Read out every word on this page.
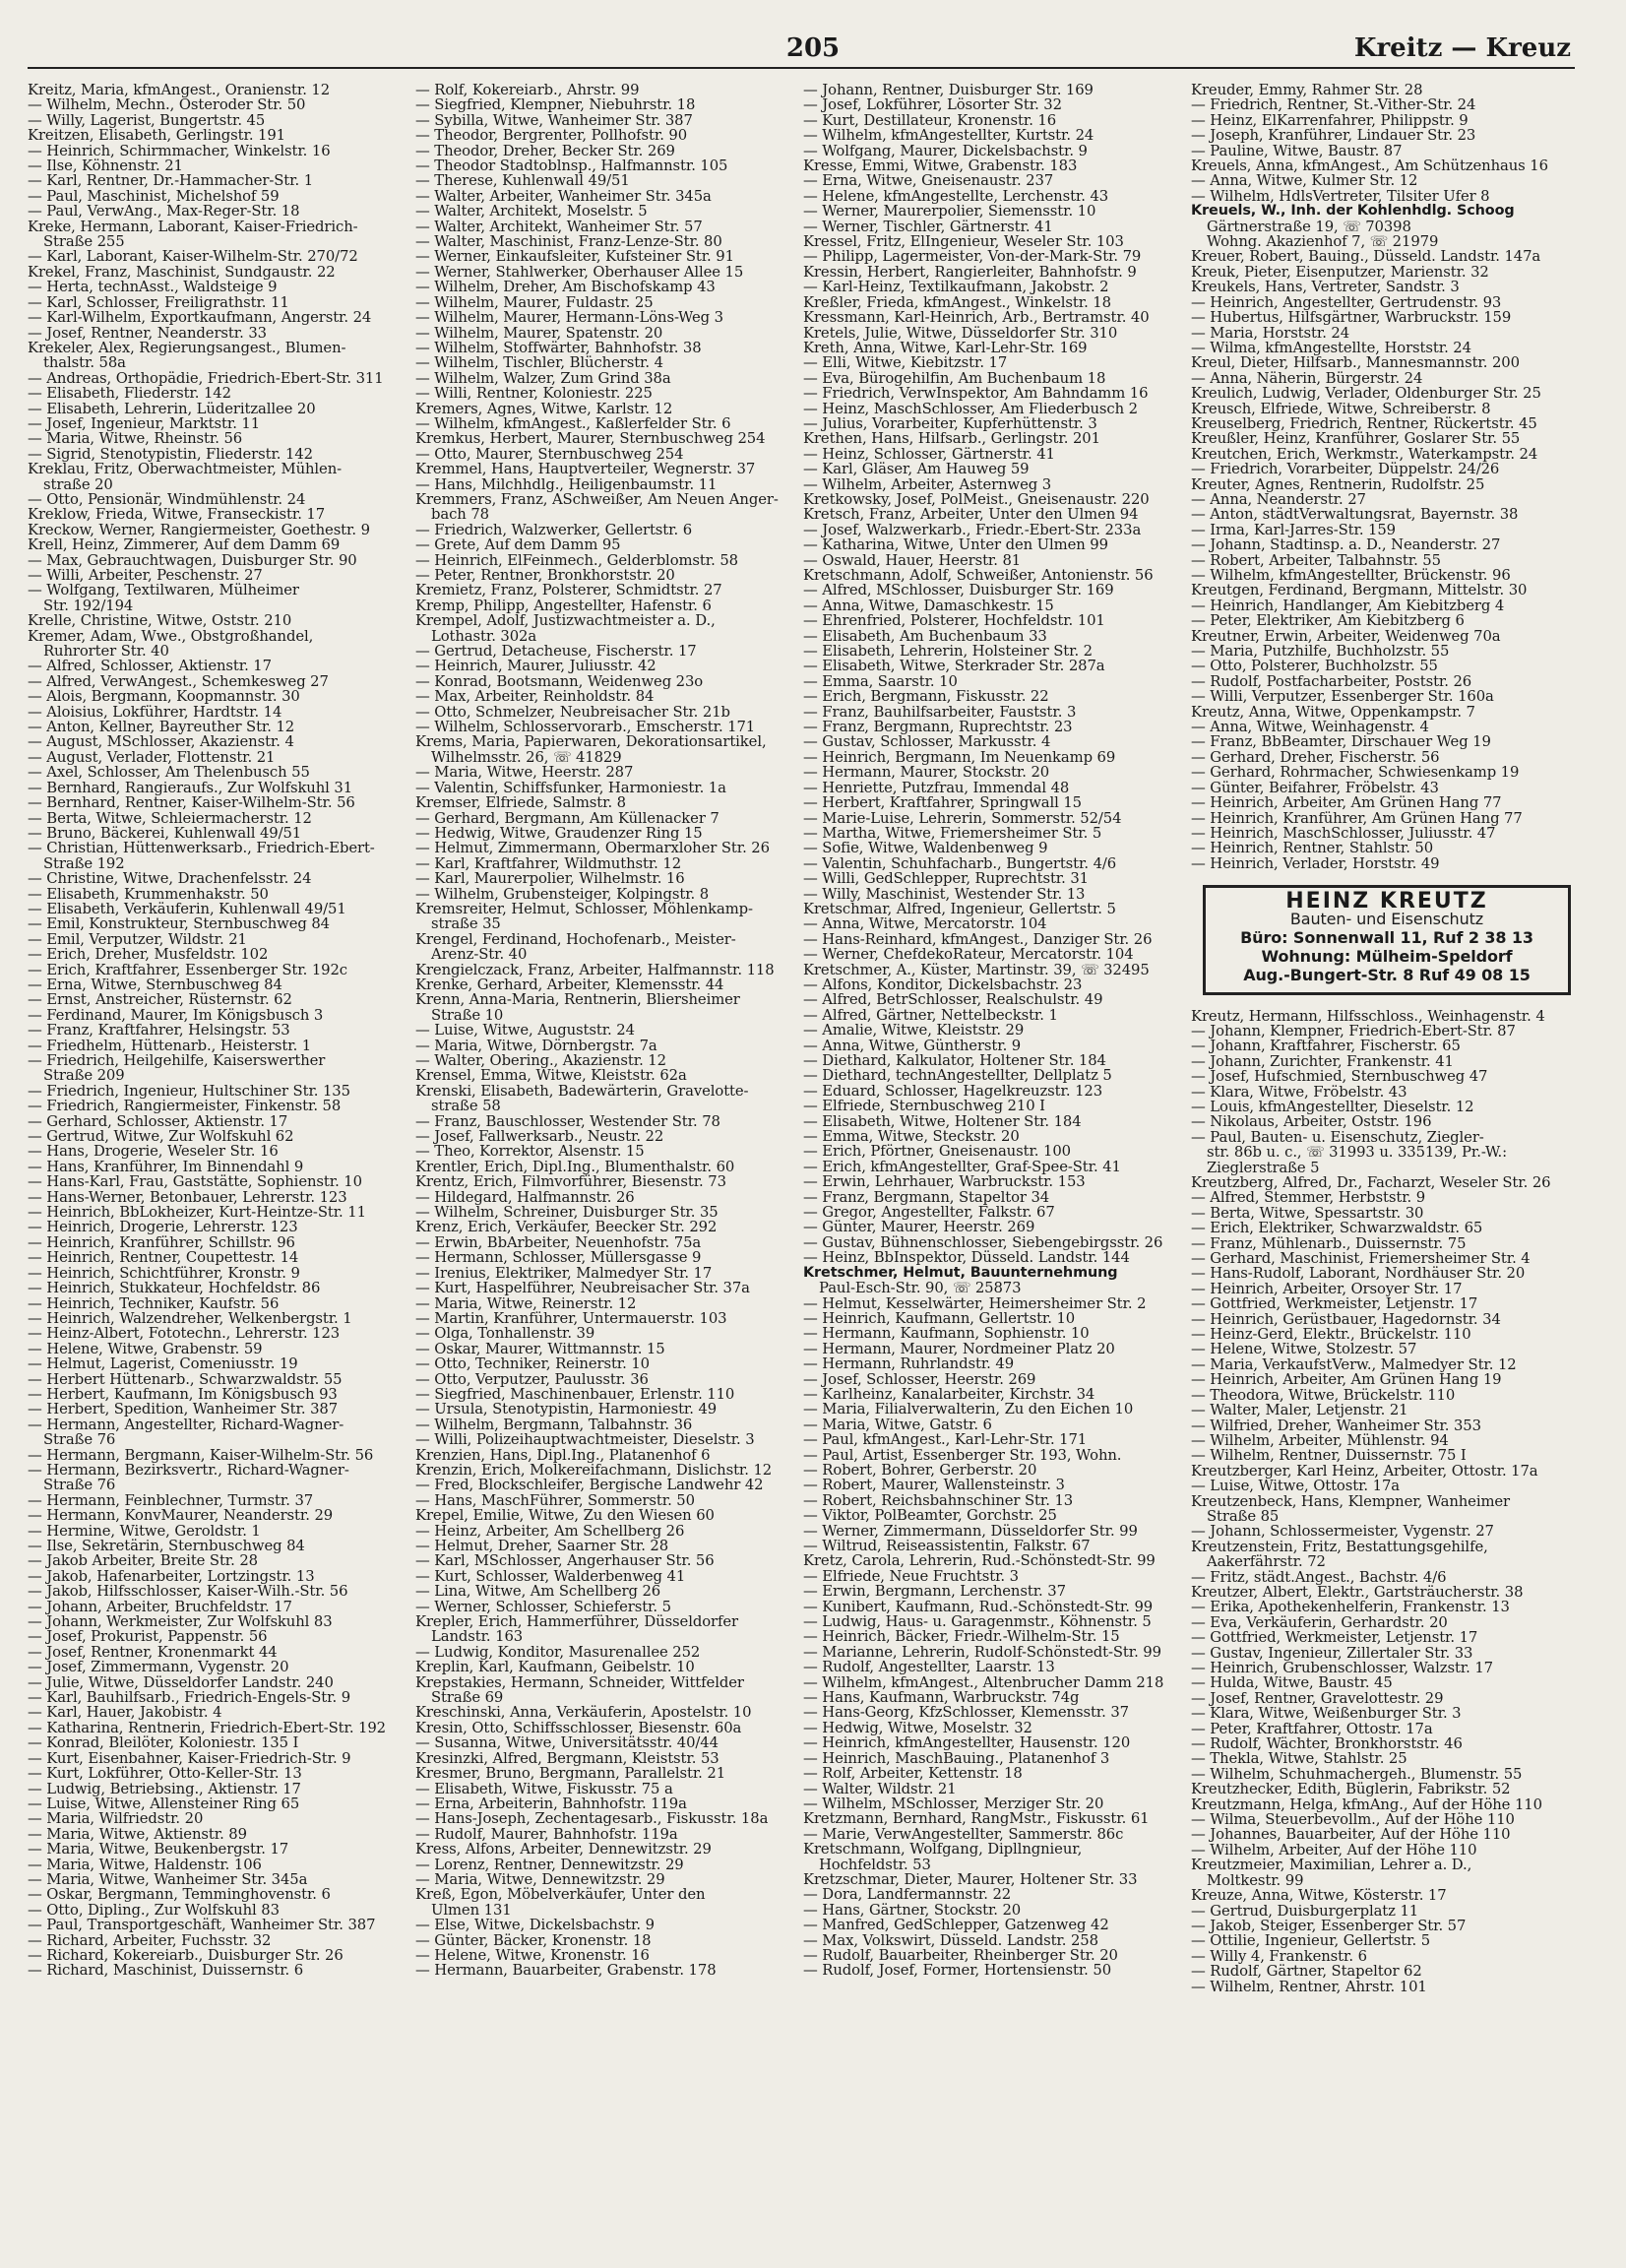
205	Kreitz — Kreuz
Kreitz, Maria, kfmAngest., Oranienstr. 12
— Wilhelm, Mechn., Osteroder Str. 50
— Willy, Lagerist, Bungertstr. 45
Kreitzen, Elisabeth, Gerlingstr. 191
— Heinrich, Schirmmacher, Winkelstr. 16
— Ilse, Köhnenstr. 21
— Karl, Rentner, Dr.-Hammacher-Str. 1
— Paul, Maschinist, Michelshof 59
— Paul, VerwAng., Max-Reger-Str. 18
Kreke, Hermann, Laborant, Kaiser-Friedrich-
Straße 255
— Karl, Laborant, Kaiser-Wilhelm-Str. 270/72
Krekel, Franz, Maschinist, Sundgaustr. 22
— Herta, technAsst., Waldsteige 9
— Karl, Schlosser, Freiligrathstr. 11
— Karl-Wilhelm, Exportkaufmann, Angerstr. 24
— Josef, Rentner, Neanderstr. 33
Krekeler, Alex, Regierungsangest., Blumen-
thalstr. 58a
— Andreas, Orthopädie, Friedrich-Ebert-Str. 311
— Elisabeth, Fliederstr. 142
— Elisabeth, Lehrerin, Lüderitzallee 20
— Josef, Ingenieur, Marktstr. 11
— Maria, Witwe, Rheinstr. 56
— Sigrid, Stenotypistin, Fliederstr. 142
Kreklau, Fritz, Oberwachtmeister, Mühlen-
straße 20
— Otto, Pensionär, Windmühlenstr. 24
Kreklow, Frieda, Witwe, Franseckistr. 17
Kreckow, Werner, Rangiermeister, Goethestr. 9
Krell, Heinz, Zimmerer, Auf dem Damm 69
— Max, Gebrauchtwagen, Duisburger Str. 90
— Willi, Arbeiter, Peschenstr. 27
— Wolfgang, Textilwaren, Mülheimer
Str. 192/194
Krelle, Christine, Witwe, Oststr. 210
Kremer, Adam, Wwe., Obstgroßhandel,
Ruhrorter Str. 40
— Alfred, Schlosser, Aktienstr. 17
— Alfred, VerwAngest., Schemkesweg 27
— Alois, Bergmann, Koopmannstr. 30
— Aloisius, Lokführer, Hardtstr. 14
— Anton, Kellner, Bayreuther Str. 12
— August, MSchlosser, Akazienstr. 4
— August, Verlader, Flottenstr. 21
— Axel, Schlosser, Am Thelenbusch 55
— Bernhard, Rangieraufs., Zur Wolfskuhl 31
— Bernhard, Rentner, Kaiser-Wilhelm-Str. 56
— Berta, Witwe, Schleiermacherstr. 12
— Bruno, Bäckerei, Kuhlenwall 49/51
— Christian, Hüttenwerksarb., Friedrich-Ebert-
Straße 192
— Christine, Witwe, Drachenfelsstr. 24
— Elisabeth, Krummenhakstr. 50
— Elisabeth, Verkäuferin, Kuhlenwall 49/51
— Emil, Konstrukteur, Sternbuschweg 84
— Emil, Verputzer, Wildstr. 21
— Erich, Dreher, Musfeldstr. 102
— Erich, Kraftfahrer, Essenberger Str. 192c
— Erna, Witwe, Sternbuschweg 84
— Ernst, Anstreicher, Rüsternstr. 62
— Ferdinand, Maurer, Im Königsbusch 3
— Franz, Kraftfahrer, Helsingstr. 53
— Friedhelm, Hüttenarb., Heisterstr. 1
— Friedrich, Heilgehilfe, Kaiserswerther
Straße 209
— Friedrich, Ingenieur, Hultschiner Str. 135
— Friedrich, Rangiermeister, Finkenstr. 58
— Gerhard, Schlosser, Aktienstr. 17
— Gertrud, Witwe, Zur Wolfskuhl 62
— Hans, Drogerie, Weseler Str. 16
— Hans, Kranführer, Im Binnendahl 9
— Hans-Karl, Frau, Gaststätte, Sophienstr. 10
— Hans-Werner, Betonbauer, Lehrerstr. 123
— Heinrich, BbLokheizer, Kurt-Heintze-Str. 11
— Heinrich, Drogerie, Lehrerstr. 123
— Heinrich, Kranführer, Schillstr. 96
— Heinrich, Rentner, Coupettestr. 14
— Heinrich, Schichtführer, Kronstr. 9
— Heinrich, Stukkateur, Hochfeldstr. 86
— Heinrich, Techniker, Kaufstr. 56
— Heinrich, Walzendreher, Welkenbergstr. 1
— Heinz-Albert, Fototechn., Lehrerstr. 123
— Helene, Witwe, Grabenstr. 59
— Helmut, Lagerist, Comeniusstr. 19
— Herbert Hüttenarb., Schwarzwaldstr. 55
— Herbert, Kaufmann, Im Königsbusch 93
— Herbert, Spedition, Wanheimer Str. 387
— Hermann, Angestellter, Richard-Wagner-
Straße 76
— Hermann, Bergmann, Kaiser-Wilhelm-Str. 56
— Hermann, Bezirksvertr., Richard-Wagner-
Straße 76
— Hermann, Feinblechner, Turmstr. 37
— Hermann, KonvMaurer, Neanderstr. 29
— Hermine, Witwe, Geroldstr. 1
— Ilse, Sekretärin, Sternbuschweg 84
— Jakob Arbeiter, Breite Str. 28
— Jakob, Hafenarbeiter, Lortzingstr. 13
— Jakob, Hilfsschlosser, Kaiser-Wilh.-Str. 56
— Johann, Arbeiter, Bruchfeldstr. 17
— Johann, Werkmeister, Zur Wolfskuhl 83
— Josef, Prokurist, Pappenstr. 56
— Josef, Rentner, Kronenmarkt 44
— Josef, Zimmermann, Vygenstr. 20
— Julie, Witwe, Düsseldorfer Landstr. 240
— Karl, Bauhilfsarb., Friedrich-Engels-Str. 9
— Karl, Hauer, Jakobistr. 4
— Katharina, Rentnerin, Friedrich-Ebert-Str. 192
— Konrad, Bleilöter, Koloniestr. 135 I
— Kurt, Eisenbahner, Kaiser-Friedrich-Str. 9
— Kurt, Lokführer, Otto-Keller-Str. 13
— Ludwig, Betriebsing., Aktienstr. 17
— Luise, Witwe, Allensteiner Ring 65
— Maria, Wilfriedstr. 20
— Maria, Witwe, Aktienstr. 89
— Maria, Witwe, Beukenbergstr. 17
— Maria, Witwe, Haldenstr. 106
— Maria, Witwe, Wanheimer Str. 345a
— Oskar, Bergmann, Temminghovenstr. 6
— Otto, Dipling., Zur Wolfskuhl 83
— Paul, Transportgeschäft, Wanheimer Str. 387
— Richard, Arbeiter, Fuchsstr. 32
— Richard, Kokereiarb., Duisburger Str. 26
— Richard, Maschinist, Duissernstr. 6
— Rolf, Kokereiarb., Ahrstr. 99
— Siegfried, Klempner, Niebuhrstr. 18
— Sybilla, Witwe, Wanheimer Str. 387
— Theodor, Bergrenter, Pollhofstr. 90
— Theodor, Dreher, Becker Str. 269
— Theodor Stadtoblnsp., Halfmannstr. 105
— Therese, Kuhlenwall 49/51
— Walter, Arbeiter, Wanheimer Str. 345a
— Walter, Architekt, Moselstr. 5
— Walter, Architekt, Wanheimer Str. 57
— Walter, Maschinist, Franz-Lenze-Str. 80
— Werner, Einkaufsleiter, Kufsteiner Str. 91
— Werner, Stahlwerker, Oberhauser Allee 15
— Wilhelm, Dreher, Am Bischofskamp 43
— Wilhelm, Maurer, Fuldastr. 25
— Wilhelm, Maurer, Hermann-Löns-Weg 3
— Wilhelm, Maurer, Spatenstr. 20
— Wilhelm, Stoffwärter, Bahnhofstr. 38
— Wilhelm, Tischler, Blücherstr. 4
— Wilhelm, Walzer, Zum Grind 38a
— Willi, Rentner, Koloniestr. 225
Kremers, Agnes, Witwe, Karlstr. 12
— Wilhelm, kfmAngest., Kaßlerfelder Str. 6
Kremkus, Herbert, Maurer, Sternbuschweg 254
— Otto, Maurer, Sternbuschweg 254
Kremmel, Hans, Hauptverteiler, Wegnerstr. 37
— Hans, Milchhdlg., Heiligenbaumstr. 11
Kremmers, Franz, ASchweißer, Am Neuen Anger-
bach 78
— Friedrich, Walzwerker, Gellertstr. 6
— Grete, Auf dem Damm 95
— Heinrich, ElFeinmech., Gelderblomstr. 58
— Peter, Rentner, Bronkhorststr. 20
Kremietz, Franz, Polsterer, Schmidtstr. 27
Kremp, Philipp, Angestellter, Hafenstr. 6
Krempel, Adolf, Justizwachtmeister a. D.,
Lothastr. 302a
— Gertrud, Detacheuse, Fischerstr. 17
— Heinrich, Maurer, Juliusstr. 42
— Konrad, Bootsmann, Weidenweg 23o
— Max, Arbeiter, Reinholdstr. 84
— Otto, Schmelzer, Neubreisacher Str. 21b
— Wilhelm, Schlosservorarb., Emscherstr. 171
Krems, Maria, Papierwaren, Dekorationsartikel,
Wilhelmsstr. 26, ☏ 41829
— Maria, Witwe, Heerstr. 287
— Valentin, Schiffsfunker, Harmoniestr. 1a
Kremser, Elfriede, Salmstr. 8
— Gerhard, Bergmann, Am Küllenacker 7
— Hedwig, Witwe, Graudenzer Ring 15
— Helmut, Zimmermann, Obermarxloher Str. 26
— Karl, Kraftfahrer, Wildmuthstr. 12
— Karl, Maurerpolier, Wilhelmstr. 16
— Wilhelm, Grubensteiger, Kolpingstr. 8
Kremsreiter, Helmut, Schlosser, Möhlenkamp-
straße 35
Krengel, Ferdinand, Hochofenarb., Meister-
Arenz-Str. 40
Krengielczack, Franz, Arbeiter, Halfmannstr. 118
Krenke, Gerhard, Arbeiter, Klemensstr. 44
Krenn, Anna-Maria, Rentnerin, Bliersheimer
Straße 10
— Luise, Witwe, Auguststr. 24
— Maria, Witwe, Dörnbergstr. 7a
— Walter, Obering., Akazienstr. 12
Krensel, Emma, Witwe, Kleiststr. 62a
Krenski, Elisabeth, Badewärterin, Gravelotte-
straße 58
— Franz, Bauschlosser, Westender Str. 78
— Josef, Fallwerksarb., Neustr. 22
— Theo, Korrektor, Alsenstr. 15
Krentler, Erich, Dipl.Ing., Blumenthalstr. 60
Krentz, Erich, Filmvorführer, Biesenstr. 73
— Hildegard, Halfmannstr. 26
— Wilhelm, Schreiner, Duisburger Str. 35
Krenz, Erich, Verkäufer, Beecker Str. 292
— Erwin, BbArbeiter, Neuenhofstr. 75a
— Hermann, Schlosser, Müllersgasse 9
— Irenius, Elektriker, Malmedyer Str. 17
— Kurt, Haspelführer, Neubreisacher Str. 37a
— Maria, Witwe, Reinerstr. 12
— Martin, Kranführer, Untermauerstr. 103
— Olga, Tonhallenstr. 39
— Oskar, Maurer, Wittmannstr. 15
— Otto, Techniker, Reinerstr. 10
— Otto, Verputzer, Paulusstr. 36
— Siegfried, Maschinenbauer, Erlenstr. 110
— Ursula, Stenotypistin, Harmoniestr. 49
— Wilhelm, Bergmann, Talbahnstr. 36
— Willi, Polizeihauptwachtmeister, Dieselstr. 3
Krenzien, Hans, Dipl.Ing., Platanenhof 6
Krenzin, Erich, Molkereifachmann, Dislichstr. 12
— Fred, Blockschleifer, Bergische Landwehr 42
— Hans, MaschFührer, Sommerstr. 50
Krepel, Emilie, Witwe, Zu den Wiesen 60
— Heinz, Arbeiter, Am Schellberg 26
— Helmut, Dreher, Saarner Str. 28
— Karl, MSchlosser, Angerhauser Str. 56
— Kurt, Schlosser, Walderbenweg 41
— Lina, Witwe, Am Schellberg 26
— Werner, Schlosser, Schieferstr. 5
Krepler, Erich, Hammerführer, Düsseldorfer
Landstr. 163
— Ludwig, Konditor, Masurenallee 252
Kreplin, Karl, Kaufmann, Geibelstr. 10
Krepstakies, Hermann, Schneider, Wittfelder
Straße 69
Kreschinski, Anna, Verkäuferin, Apostelstr. 10
Kresin, Otto, Schiffsschlosser, Biesenstr. 60a
— Susanna, Witwe, Universitätsstr. 40/44
Kresinzki, Alfred, Bergmann, Kleiststr. 53
Kresmer, Bruno, Bergmann, Parallelstr. 21
— Elisabeth, Witwe, Fiskusstr. 75 a
— Erna, Arbeiterin, Bahnhofstr. 119a
— Hans-Joseph, Zechentagesarb., Fiskusstr. 18a
— Rudolf, Maurer, Bahnhofstr. 119a
Kress, Alfons, Arbeiter, Dennewitzstr. 29
— Lorenz, Rentner, Dennewitzstr. 29
— Maria, Witwe, Dennewitzstr. 29
Kreß, Egon, Möbelverkäufer, Unter den
Ulmen 131
— Else, Witwe, Dickelsbachstr. 9
— Günter, Bäcker, Kronenstr. 18
— Helene, Witwe, Kronenstr. 16
— Hermann, Bauarbeiter, Grabenstr. 178
— Johann, Rentner, Duisburger Str. 169
— Josef, Lokführer, Lösorter Str. 32
— Kurt, Destillateur, Kronenstr. 16
— Wilhelm, kfmAngestellter, Kurtstr. 24
— Wolfgang, Maurer, Dickelsbachstr. 9
Kresse, Emmi, Witwe, Grabenstr. 183
— Erna, Witwe, Gneisenaustr. 237
— Helene, kfmAngestellte, Lerchenstr. 43
— Werner, Maurerpolier, Siemensstr. 10
— Werner, Tischler, Gärtnerstr. 41
Kressel, Fritz, ElIngenieur, Weseler Str. 103
— Philipp, Lagermeister, Von-der-Mark-Str. 79
Kressin, Herbert, Rangierleiter, Bahnhofstr. 9
— Karl-Heinz, Textilkaufmann, Jakobstr. 2
Kreßler, Frieda, kfmAngest., Winkelstr. 18
Kressmann, Karl-Heinrich, Arb., Bertramstr. 40
Kretels, Julie, Witwe, Düsseldorfer Str. 310
Kreth, Anna, Witwe, Karl-Lehr-Str. 169
— Elli, Witwe, Kiebitzstr. 17
— Eva, Bürogehilfin, Am Buchenbaum 18
— Friedrich, VerwInspektor, Am Bahndamm 16
— Heinz, MaschSchlosser, Am Fliederbusch 2
— Julius, Vorarbeiter, Kupferhüttenstr. 3
Krethen, Hans, Hilfsarb., Gerlingstr. 201
— Heinz, Schlosser, Gärtnerstr. 41
— Karl, Gläser, Am Hauweg 59
— Wilhelm, Arbeiter, Asternweg 3
Kretkowsky, Josef, PolMeist., Gneisenaustr. 220
Kretsch, Franz, Arbeiter, Unter den Ulmen 94
— Josef, Walzwerkarb., Friedr.-Ebert-Str. 233a
— Katharina, Witwe, Unter den Ulmen 99
— Oswald, Hauer, Heerstr. 81
Kretschmann, Adolf, Schweißer, Antonienstr. 56
— Alfred, MSchlosser, Duisburger Str. 169
— Anna, Witwe, Damaschkestr. 15
— Ehrenfried, Polsterer, Hochfeldstr. 101
— Elisabeth, Am Buchenbaum 33
— Elisabeth, Lehrerin, Holsteiner Str. 2
— Elisabeth, Witwe, Sterkrader Str. 287a
— Emma, Saarstr. 10
— Erich, Bergmann, Fiskusstr. 22
— Franz, Bauhilfsarbeiter, Fauststr. 3
— Franz, Bergmann, Ruprechtstr. 23
— Gustav, Schlosser, Markusstr. 4
— Heinrich, Bergmann, Im Neuenkamp 69
— Hermann, Maurer, Stockstr. 20
— Henriette, Putzfrau, Immendal 48
— Herbert, Kraftfahrer, Springwall 15
— Marie-Luise, Lehrerin, Sommerstr. 52/54
— Martha, Witwe, Friemersheimer Str. 5
— Sofie, Witwe, Waldenbenweg 9
— Valentin, Schuhfacharb., Bungertstr. 4/6
— Willi, GedSchlepper, Ruprechtstr. 31
— Willy, Maschinist, Westender Str. 13
Kretschmar, Alfred, Ingenieur, Gellertstr. 5
— Anna, Witwe, Mercatorstr. 104
— Hans-Reinhard, kfmAngest., Danziger Str. 26
— Werner, ChefdekoRateur, Mercatorstr. 104
Kretschmer, A., Küster, Martinstr. 39, ☏ 32495
— Alfons, Konditor, Dickelsbachstr. 23
— Alfred, BetrSchlosser, Realschulstr. 49
— Alfred, Gärtner, Nettelbeckstr. 1
— Amalie, Witwe, Kleiststr. 29
— Anna, Witwe, Güntherstr. 9
— Diethard, Kalkulator, Holtener Str. 184
— Diethard, technAngestellter, Dellplatz 5
— Eduard, Schlosser, Hagelkreuzstr. 123
— Elfriede, Sternbuschweg 210 I
— Elisabeth, Witwe, Holtener Str. 184
— Emma, Witwe, Steckstr. 20
— Erich, Pförtner, Gneisenaustr. 100
— Erich, kfmAngestellter, Graf-Spee-Str. 41
— Erwin, Lehrhauer, Warbruckstr. 153
— Franz, Bergmann, Stapeltor 34
— Gregor, Angestellter, Falkstr. 67
— Günter, Maurer, Heerstr. 269
— Gustav, Bühnenschlosser, Siebengebirgsstr. 26
— Heinz, BbInspektor, Düsseld. Landstr. 144
Kretschmer, Helmut, Bauunternehmung
Paul-Esch-Str. 90, ☏ 25873
— Helmut, Kesselwärter, Heimersheimer Str. 2
— Heinrich, Kaufmann, Gellertstr. 10
— Hermann, Kaufmann, Sophienstr. 10
— Hermann, Maurer, Nordmeiner Platz 20
— Hermann, Ruhrlandstr. 49
— Josef, Schlosser, Heerstr. 269
— Karlheinz, Kanalarbeiter, Kirchstr. 34
— Maria, Filialverwalterin, Zu den Eichen 10
— Maria, Witwe, Gatstr. 6
— Paul, kfmAngest., Karl-Lehr-Str. 171
— Paul, Artist, Essenberger Str. 193, Wohn.
— Robert, Bohrer, Gerberstr. 20
— Robert, Maurer, Wallensteinstr. 3
— Robert, Reichsbahnschiner Str. 13
— Viktor, PolBeamter, Gorchstr. 25
— Werner, Zimmermann, Düsseldorfer Str. 99
— Wiltrud, Reiseassistentin, Falkstr. 67
Kretz, Carola, Lehrerin, Rud.-Schönstedt-Str. 99
— Elfriede, Neue Fruchtstr. 3
— Erwin, Bergmann, Lerchenstr. 37
— Kunibert, Kaufmann, Rud.-Schönstedt-Str. 99
— Ludwig, Haus- u. Garagenmstr., Köhnenstr. 5
— Heinrich, Bäcker, Friedr.-Wilhelm-Str. 15
— Marianne, Lehrerin, Rudolf-Schönstedt-Str. 99
— Rudolf, Angestellter, Laarstr. 13
— Wilhelm, kfmAngest., Altenbrucher Damm 218
— Hans, Kaufmann, Warbruckstr. 74g
— Hans-Georg, KfzSchlosser, Klemensstr. 37
— Hedwig, Witwe, Moselstr. 32
— Heinrich, kfmAngestellter, Hausenstr. 120
— Heinrich, MaschBauing., Platanenhof 3
— Rolf, Arbeiter, Kettenstr. 18
— Walter, Wildstr. 21
— Wilhelm, MSchlosser, Merziger Str. 20
Kretzmann, Bernhard, RangMstr., Fiskusstr. 61
— Marie, VerwAngestellter, Sammerstr. 86c
Kretschmann, Wolfgang, Dipllngnieur,
Hochfeldstr. 53
Kretzschmar, Dieter, Maurer, Holtener Str. 33
— Dora, Landfermannstr. 22
— Hans, Gärtner, Stockstr. 20
— Manfred, GedSchlepper, Gatzenweg 42
— Max, Volkswirt, Düsseld. Landstr. 258
— Rudolf, Bauarbeiter, Rheinberger Str. 20
— Rudolf, Josef, Former, Hortensienstr. 50
Kreuder, Emmy, Rahmer Str. 28
— Friedrich, Rentner, St.-Vither-Str. 24
— Heinz, ElKarrenfahrer, Philippstr. 9
— Joseph, Kranführer, Lindauer Str. 23
— Pauline, Witwe, Baustr. 87
Kreuels, Anna, kfmAngest., Am Schützenhaus 16
— Anna, Witwe, Kulmer Str. 12
— Wilhelm, HdlsVertreter, Tilsiter Ufer 8
Kreuels, W., Inh. der Kohlenhdlg. Schoog
Gärtnerstraße 19, ☏ 70398
Wohng. Akazienhof 7, ☏ 21979
Kreuer, Robert, Bauing., Düsseld. Landstr. 147a
Kreuk, Pieter, Eisenputzer, Marienstr. 32
Kreukels, Hans, Vertreter, Sandstr. 3
— Heinrich, Angestellter, Gertrudenstr. 93
— Hubertus, Hilfsgärtner, Warbruckstr. 159
— Maria, Horststr. 24
— Wilma, kfmAngestellte, Horststr. 24
Kreul, Dieter, Hilfsarb., Mannesmannstr. 200
— Anna, Näherin, Bürgerstr. 24
Kreulich, Ludwig, Verlader, Oldenburger Str. 25
Kreusch, Elfriede, Witwe, Schreiberstr. 8
Kreuselberg, Friedrich, Rentner, Rückertstr. 45
Kreußler, Heinz, Kranführer, Goslarer Str. 55
Kreutchen, Erich, Werkmstr., Waterkampstr. 24
— Friedrich, Vorarbeiter, Düppelstr. 24/26
Kreuter, Agnes, Rentnerin, Rudolfstr. 25
— Anna, Neanderstr. 27
— Anton, städtVerwaltungsrat, Bayernstr. 38
— Irma, Karl-Jarres-Str. 159
— Johann, Stadtinsp. a. D., Neanderstr. 27
— Robert, Arbeiter, Talbahnstr. 55
— Wilhelm, kfmAngestellter, Brückenstr. 96
Kreutgen, Ferdinand, Bergmann, Mittelstr. 30
— Heinrich, Handlanger, Am Kiebitzberg 4
— Peter, Elektriker, Am Kiebitzberg 6
Kreutner, Erwin, Arbeiter, Weidenweg 70a
— Maria, Putzhilfe, Buchholzstr. 55
— Otto, Polsterer, Buchholzstr. 55
— Rudolf, Postfacharbeiter, Poststr. 26
— Willi, Verputzer, Essenberger Str. 160a
Kreutz, Anna, Witwe, Oppenkampstr. 7
— Anna, Witwe, Weinhagenstr. 4
— Franz, BbBeamter, Dirschauer Weg 19
— Gerhard, Dreher, Fischerstr. 56
— Gerhard, Rohrmacher, Schwiesenkamp 19
— Günter, Beifahrer, Fröbelstr. 43
— Heinrich, Arbeiter, Am Grünen Hang 77
— Heinrich, Kranführer, Am Grünen Hang 77
— Heinrich, MaschSchlosser, Juliusstr. 47
— Heinrich, Rentner, Stahlstr. 50
— Heinrich, Verlader, Horststr. 49
HEINZ KREUTZ
Bauten- und Eisenschutz
Büro: Sonnenwall 11, Ruf 2 38 13
Wohnung: Mülheim-Speldorf
Aug.-Bungert-Str. 8 Ruf 49 08 15
Kreutz, Hermann, Hilfsschloss., Weinhagenstr. 4
— Johann, Klempner, Friedrich-Ebert-Str. 87
— Johann, Kraftfahrer, Fischerstr. 65
— Johann, Zurichter, Frankenstr. 41
— Josef, Hufschmied, Sternbuschweg 47
— Klara, Witwe, Fröbelstr. 43
— Louis, kfmAngestellter, Dieselstr. 12
— Nikolaus, Arbeiter, Oststr. 196
— Paul, Bauten- u. Eisenschutz, Ziegler-
str. 86b u. c., ☏ 31993 u. 335139, Pr.-W.:
Zieglerstraße 5
Kreutzberg, Alfred, Dr., Facharzt, Weseler Str. 26
— Alfred, Stemmer, Herbststr. 9
— Berta, Witwe, Spessartstr. 30
— Erich, Elektriker, Schwarzwaldstr. 65
— Franz, Mühlenarb., Duissernstr. 75
— Gerhard, Maschinist, Friemersheimer Str. 4
— Hans-Rudolf, Laborant, Nordhäuser Str. 20
— Heinrich, Arbeiter, Orsoyer Str. 17
— Gottfried, Werkmeister, Letjenstr. 17
— Heinrich, Gerüstbauer, Hagedornstr. 34
— Heinz-Gerd, Elektr., Brückelstr. 110
— Helene, Witwe, Stolzestr. 57
— Maria, VerkaufstVerw., Malmedyer Str. 12
— Heinrich, Arbeiter, Am Grünen Hang 19
— Theodora, Witwe, Brückelstr. 110
— Walter, Maler, Letjenstr. 21
— Wilfried, Dreher, Wanheimer Str. 353
— Wilhelm, Arbeiter, Mühlenstr. 94
— Wilhelm, Rentner, Duissernstr. 75 I
Kreutzberger, Karl Heinz, Arbeiter, Ottostr. 17a
— Luise, Witwe, Ottostr. 17a
Kreutzenbeck, Hans, Klempner, Wanheimer
Straße 85
— Johann, Schlossermeister, Vygenstr. 27
Kreutzenstein, Fritz, Bestattungsgehilfe,
Aakerfährstr. 72
— Fritz, städt.Angest., Bachstr. 4/6
Kreutzer, Albert, Elektr., Gartsträucherstr. 38
— Erika, Apothekenhelferin, Frankenstr. 13
— Eva, Verkäuferin, Gerhardstr. 20
— Gottfried, Werkmeister, Letjenstr. 17
— Gustav, Ingenieur, Zillertaler Str. 33
— Heinrich, Grubenschlosser, Walzstr. 17
— Hulda, Witwe, Baustr. 45
— Josef, Rentner, Gravelottestr. 29
— Klara, Witwe, Weißenburger Str. 3
— Peter, Kraftfahrer, Ottostr. 17a
— Rudolf, Wächter, Bronkhorststr. 46
— Thekla, Witwe, Stahlstr. 25
— Wilhelm, Schuhmachergeh., Blumenstr. 55
Kreutzhecker, Edith, Büglerin, Fabrikstr. 52
Kreutzmann, Helga, kfmAng., Auf der Höhe 110
— Wilma, Steuerbevollm., Auf der Höhe 110
— Johannes, Bauarbeiter, Auf der Höhe 110
— Wilhelm, Arbeiter, Auf der Höhe 110
Kreutzmeier, Maximilian, Lehrer a. D.,
Moltkestr. 99
Kreuze, Anna, Witwe, Kösterstr. 17
— Gertrud, Duisburgerplatz 11
— Jakob, Steiger, Essenberger Str. 57
— Ottilie, Ingenieur, Gellertstr. 5
— Willy 4, Frankenstr. 6
— Rudolf, Gärtner, Stapeltor 62
— Wilhelm, Rentner, Ahrstr. 101
